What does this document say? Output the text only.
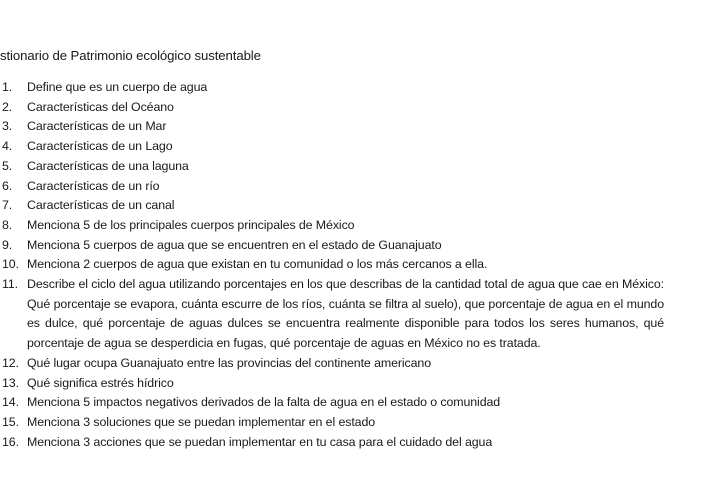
stionario de Patrimonio ecológico sustentable
1. Define que es un cuerpo de agua
2. Características del Océano
3. Características de un Mar
4. Características de un Lago
5. Características de una laguna
6. Características de un río
7. Características de un canal
8. Menciona 5 de los principales cuerpos principales de México
9. Menciona 5 cuerpos de agua que se encuentren en el estado de Guanajuato
10. Menciona 2 cuerpos de agua que existan en tu comunidad o los más cercanos a ella.
11. Describe el ciclo del agua utilizando porcentajes en los que describas de la cantidad total de agua que cae en México: Qué porcentaje se evapora, cuánta escurre de los ríos, cuánta se filtra al suelo), que porcentaje de agua en el mundo es dulce, qué porcentaje de aguas dulces se encuentra realmente disponible para todos los seres humanos, qué porcentaje de agua se desperdicia en fugas, qué porcentaje de aguas en México no es tratada.
12. Qué lugar ocupa Guanajuato entre las provincias del continente americano
13. Qué significa estrés hídrico
14. Menciona 5 impactos negativos derivados de la falta de agua en el estado o comunidad
15. Menciona 3 soluciones que se puedan implementar en el estado
16. Menciona 3 acciones que se puedan implementar en tu casa para el cuidado del agua
